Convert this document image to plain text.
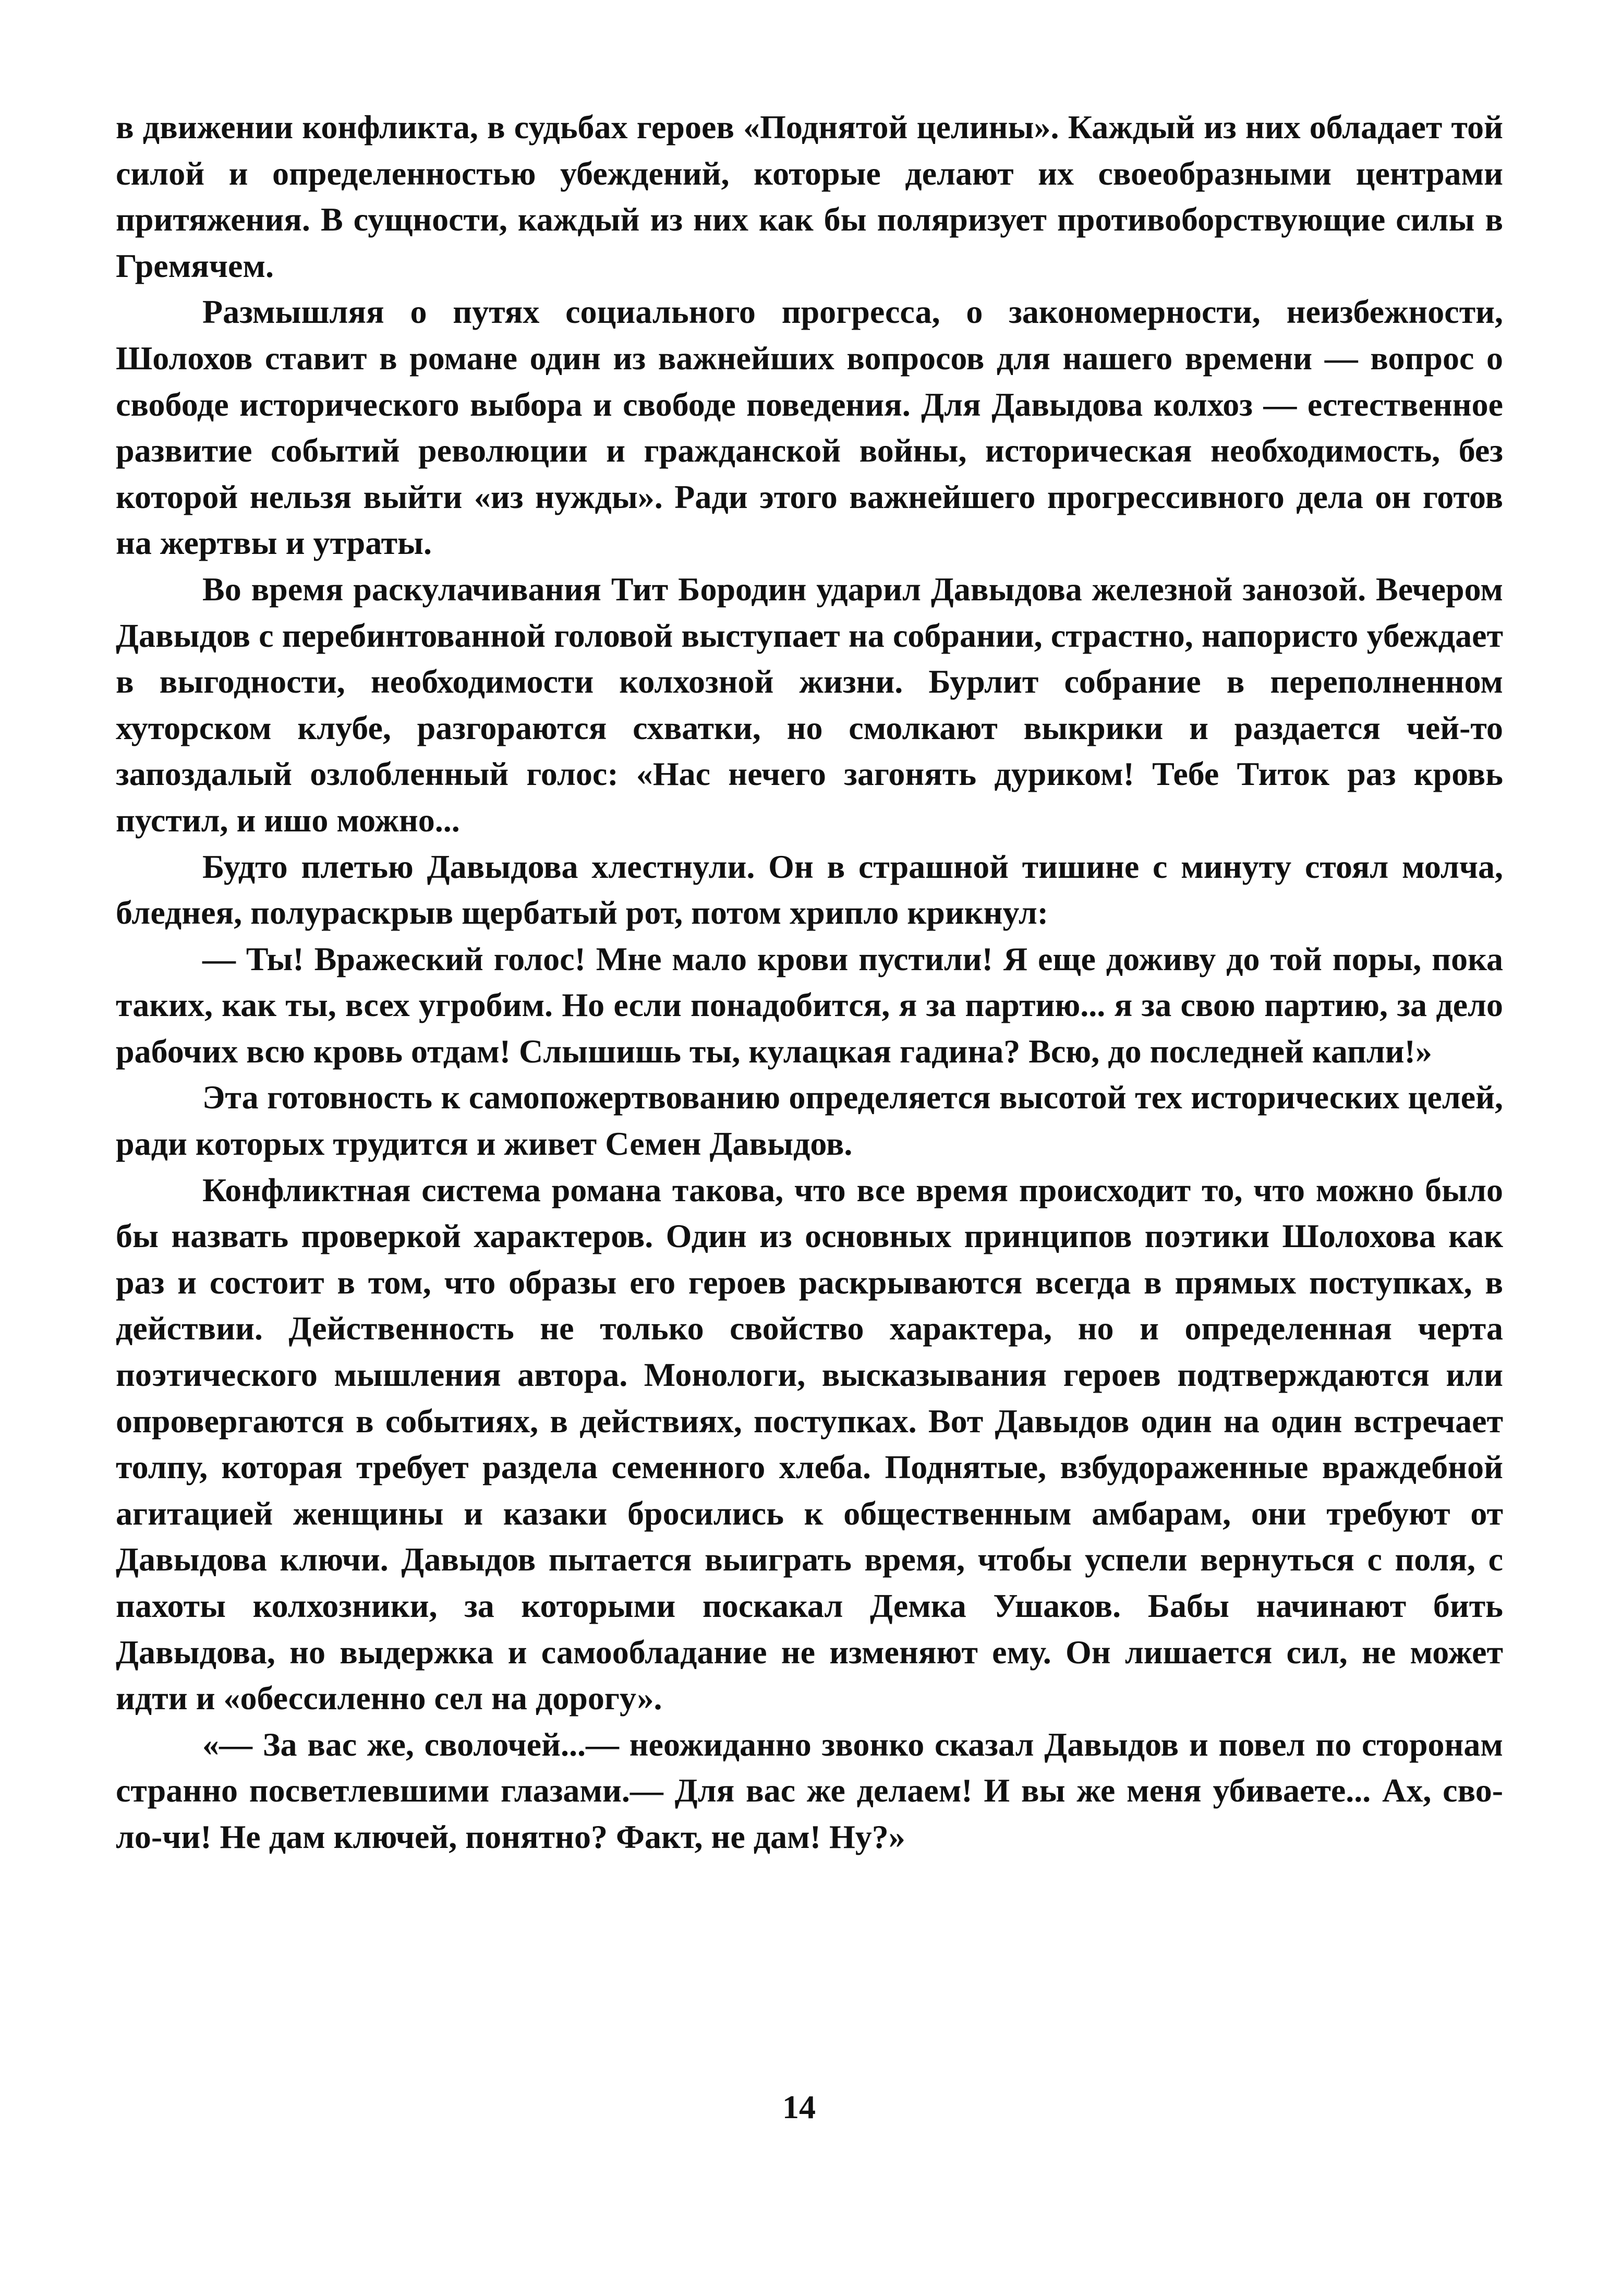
в движении конфликта, в судьбах героев «Поднятой целины». Каждый из них обладает той силой и определенностью убеждений, которые делают их своеобразными центрами притяжения. В сущности, каждый из них как бы поляризует противоборствующие силы в Гремячем.

Размышляя о путях социального прогресса, о закономерности, неизбежности, Шолохов ставит в романе один из важнейших вопросов для нашего времени — вопрос о свободе исторического выбора и свободе поведения. Для Давыдова колхоз — естественное развитие событий революции и гражданской войны, историческая необходимость, без которой нельзя выйти «из нужды». Ради этого важнейшего прогрессивного дела он готов на жертвы и утраты.

Во время раскулачивания Тит Бородин ударил Давыдова железной занозой. Вечером Давыдов с перебинтованной головой выступает на собрании, страстно, напористо убеждает в выгодности, необходимости колхозной жизни. Бурлит собрание в переполненном хуторском клубе, разгораются схватки, но смолкают выкрики и раздается чей-то запоздалый озлобленный голос: «Нас нечего загонять дуриком! Тебе Титок раз кровь пустил, и ишо можно...

Будто плетью Давыдова хлестнули. Он в страшной тишине с минуту стоял молча, бледнея, полураскрыв щербатый рот, потом хрипло крикнул:

— Ты! Вражеский голос! Мне мало крови пустили! Я еще доживу до той поры, пока таких, как ты, всех угробим. Но если понадобится, я за партию... я за свою партию, за дело рабочих всю кровь отдам! Слышишь ты, кулацкая гадина? Всю, до последней капли!»

Эта готовность к самопожертвованию определяется высотой тех исторических целей, ради которых трудится и живет Семен Давыдов.

Конфликтная система романа такова, что все время происходит то, что можно было бы назвать проверкой характеров. Один из основных принципов поэтики Шолохова как раз и состоит в том, что образы его героев раскрываются всегда в прямых поступках, в действии. Действенность не только свойство характера, но и определенная черта поэтического мышления автора. Монологи, высказывания героев подтверждаются или опровергаются в событиях, в действиях, поступках. Вот Давыдов один на один встречает толпу, которая требует раздела семенного хлеба. Поднятые, взбудораженные враждебной агитацией женщины и казаки бросились к общественным амбарам, они требуют от Давыдова ключи. Давыдов пытается выиграть время, чтобы успели вернуться с поля, с пахоты колхозники, за которыми поскакал Демка Ушаков. Бабы начинают бить Давыдова, но выдержка и самообладание не изменяют ему. Он лишается сил, не может идти и «обессиленно сел на дорогу».

«— За вас же, сволочей...— неожиданно звонко сказал Давыдов и повел по сторонам странно посветлевшими глазами.— Для вас же делаем! И вы же меня убиваете... Ах, сво-ло-чи! Не дам ключей, понятно? Факт, не дам! Ну?»

14
